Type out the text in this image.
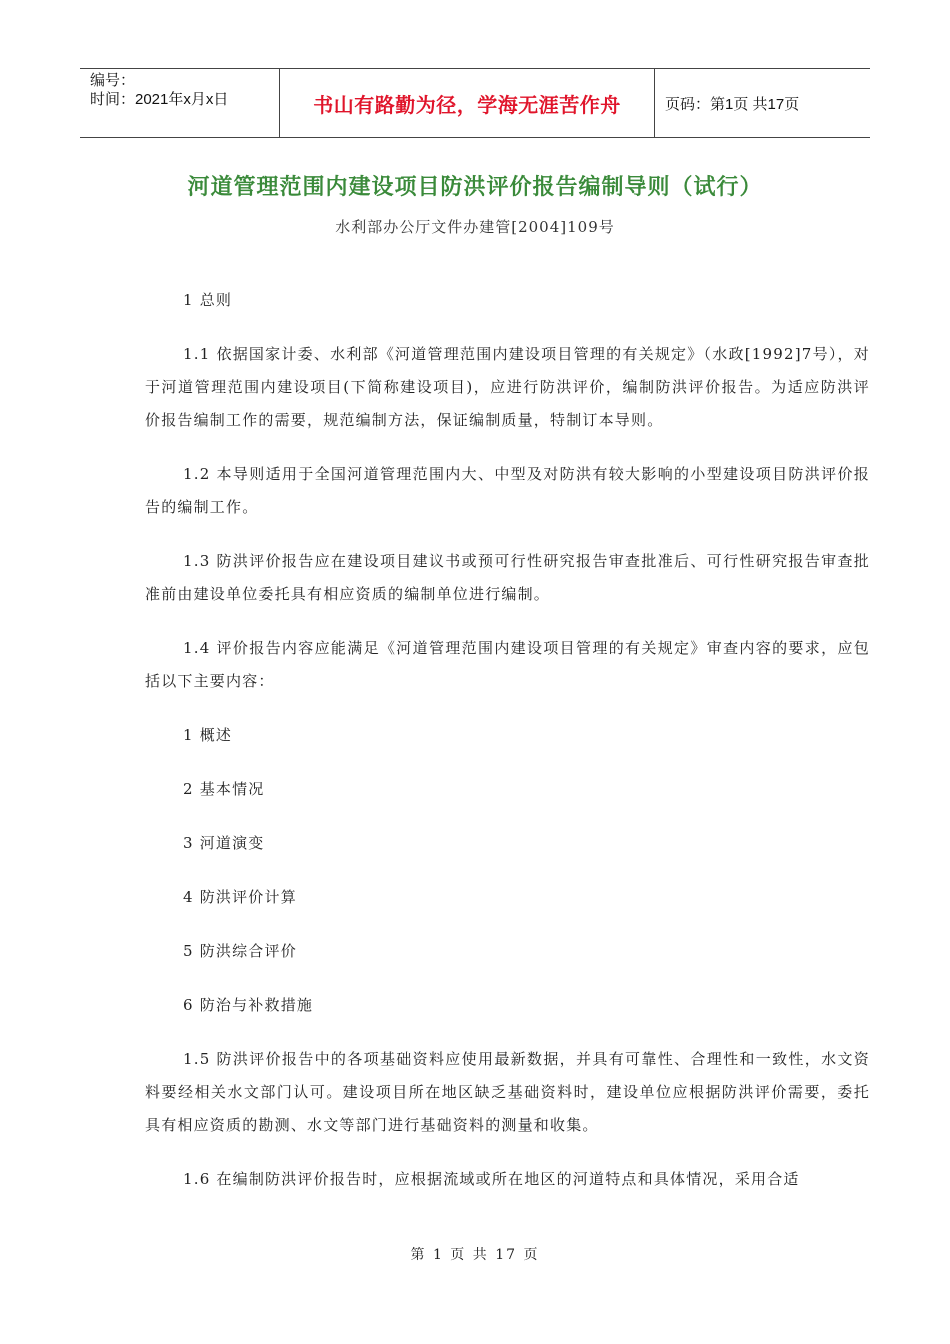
编号：
时间：2021年x月x日	书山有路勤为径，学海无涯苦作舟	页码：第1页 共17页
河道管理范围内建设项目防洪评价报告编制导则（试行）
水利部办公厅文件办建管[2004]109号
1 总则

1.1 依据国家计委、水利部《河道管理范围内建设项目管理的有关规定》（水政[1992]7号），对于河道管理范围内建设项目(下简称建设项目)，应进行防洪评价，编制防洪评价报告。为适应防洪评价报告编制工作的需要，规范编制方法，保证编制质量，特制订本导则。

1.2 本导则适用于全国河道管理范围内大、中型及对防洪有较大影响的小型建设项目防洪评价报告的编制工作。

1.3 防洪评价报告应在建设项目建议书或预可行性研究报告审查批准后、可行性研究报告审查批准前由建设单位委托具有相应资质的编制单位进行编制。

1.4 评价报告内容应能满足《河道管理范围内建设项目管理的有关规定》审查内容的要求，应包括以下主要内容：

1 概述
2 基本情况
3 河道演变
4 防洪评价计算
5 防洪综合评价
6 防治与补救措施

1.5 防洪评价报告中的各项基础资料应使用最新数据，并具有可靠性、合理性和一致性，水文资料要经相关水文部门认可。建设项目所在地区缺乏基础资料时，建设单位应根据防洪评价需要，委托具有相应资质的勘测、水文等部门进行基础资料的测量和收集。

1.6 在编制防洪评价报告时，应根据流域或所在地区的河道特点和具体情况，采用合适

第 1 页 共 17 页
